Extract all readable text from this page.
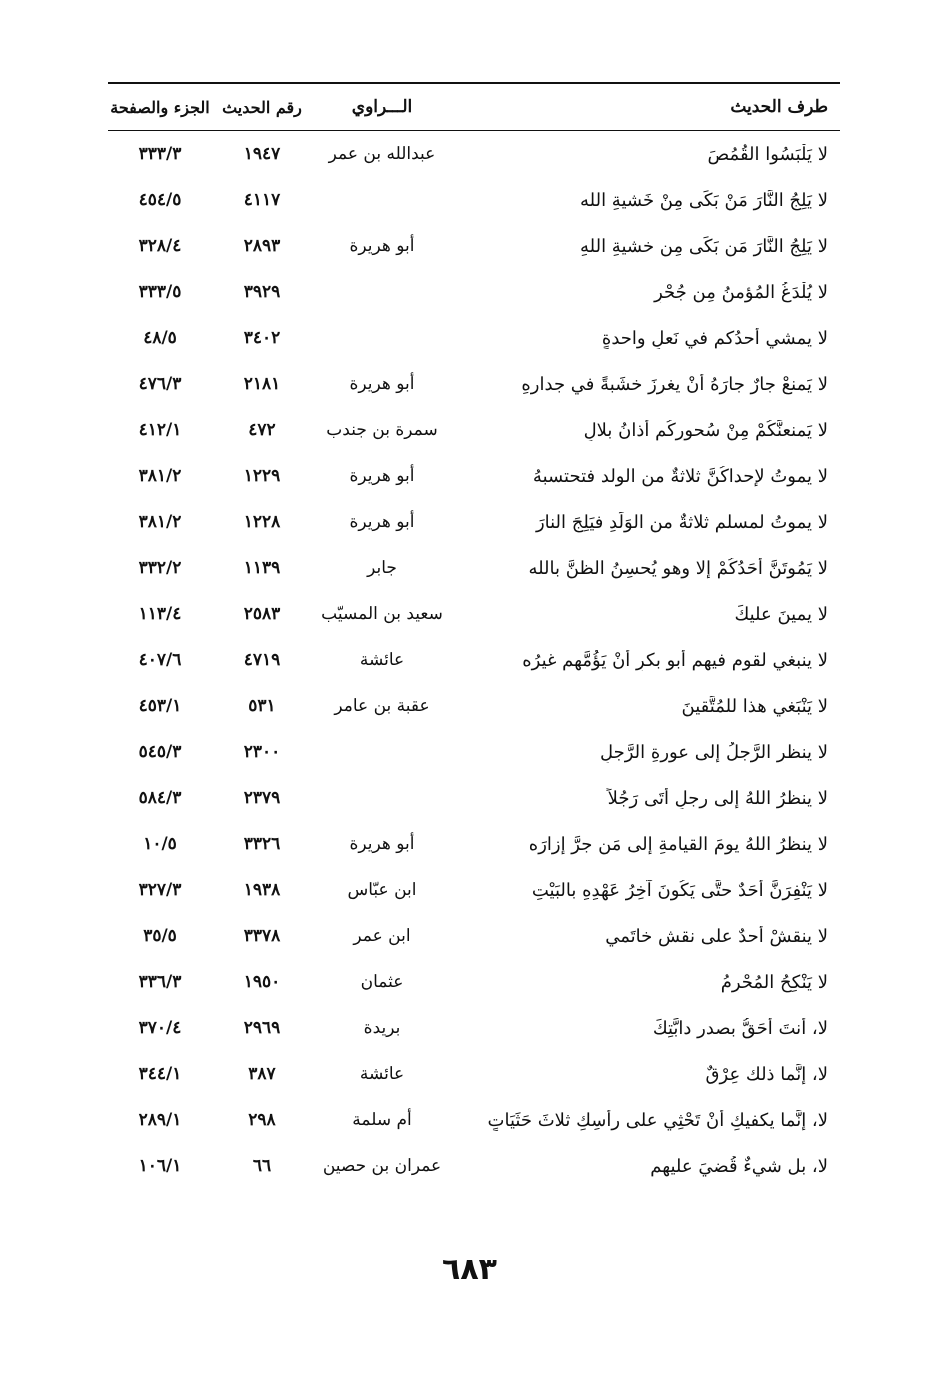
طرف الحديث
الـــراوي
رقم الحديث
الجزء والصفحة
لا يَلْبَسُوا القُمُصَ
عبدالله بن عمر
١٩٤٧
٣٣٣/٣
لا يَلِجُ النَّارَ مَنْ بَكَى مِنْ خَشيةِ الله
٤١١٧
٤٥٤/٥
لا يَلِجُ النَّارَ مَن بَكَى مِن خشيةِ اللهِ
أبو هريرة
٢٨٩٣
٣٢٨/٤
لا يُلْدَغُ المُؤمنُ مِن جُحْرٍ
٣٩٢٩
٣٣٣/٥
لا يمشي أحدُكم في نَعلٍ واحدةٍ
٣٤٠٢
٤٨/٥
لا يَمنعْ جارٌ جارَهُ أنْ يغرِزَ خشَبةً في جدارِهِ
أبو هريرة
٢١٨١
٤٧٦/٣
لا يَمنعنَّكُمْ مِنْ سُحورِكُم أذانُ بلالٍ
سمرة بن جندب
٤٧٢
٤١٢/١
لا يموتُ لإحداكُنَّ ثلاثةٌ من الولد فتحتسبهُ
أبو هريرة
١٢٢٩
٣٨١/٢
لا يموتُ لمسلمٍ ثلاثةٌ من الوَلَدِ فيَلِجَ النارَ
أبو هريرة
١٢٢٨
٣٨١/٢
لا يَمُوتَنَّ أَحَدُكُمْ إلا وهو يُحسِنُ الظنَّ بالله
جابر
١١٣٩
٣٣٢/٢
لا يمينَ عليكَ
سعيد بن المسيّب
٢٥٨٣
١١٣/٤
لا ينبغي لقومٍ فيهم أبو بكرٍ أَنْ يَؤُمَّهم غيرُه
عائشة
٤٧١٩
٤٠٧/٦
لا يَنْبَغي هذا للمُتَّقينَ
عقبة بن عامر
٥٣١
٤٥٣/١
لا ينظرِ الرَّجلُ إلى عورةِ الرَّجلِ
٢٣٠٠
٥٤٥/٣
لا ينظرُ اللهُ إلى رجلٍ أَتَى رَجُلاً
٢٣٧٩
٥٨٤/٣
لا ينظرُ اللهُ يومَ القيامةِ إلى مَن جرَّ إزارَه
أبو هريرة
٣٣٢٦
١٠/٥
لا يَنْفِرَنَّ أَحَدٌ حتَّى يَكُونَ آخِرُ عَهْدِهِ بالبَيْتِ
ابن عبّاس
١٩٣٨
٣٢٧/٣
لا ينقشْ أحدٌ على نقشِ خاتَمي
ابن عمر
٣٣٧٨
٣٥/٥
لا يَنْكِحُ المُحْرِمُ
عثمان
١٩٥٠
٣٣٦/٣
لا، أنتَ أَحَقُّ بصدرِ دابَّتِكَ
بريدة
٢٩٦٩
٣٧٠/٤
لا، إنَّما ذلك عِرْقٌ
عائشة
٣٨٧
٣٤٤/١
لا، إنَّما يكفيكِ أَنْ تَحْثِي على رأْسِكِ ثلاثَ حَثَيَاتٍ
أم سلمة
٢٩٨
٢٨٩/١
لا، بل شيءٌ قُضيَ عليهم
عمران بن حصين
٦٦
١٠٦/١
٦٨٣
